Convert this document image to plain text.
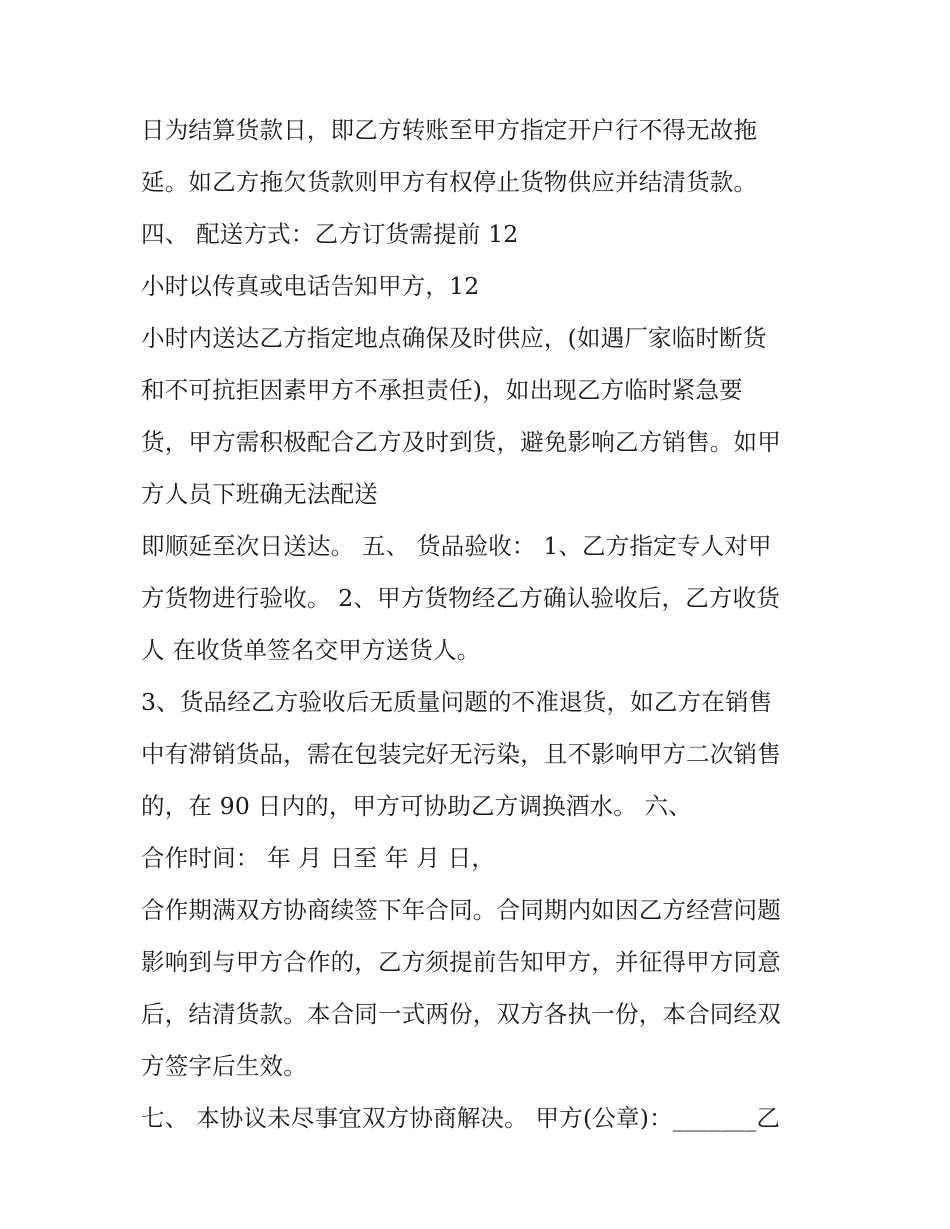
日为结算货款日，即乙方转账至甲方指定开户行不得无故拖
延。如乙方拖欠货款则甲方有权停止货物供应并结清货款。
四、 配送方式：乙方订货需提前 12
小时以传真或电话告知甲方，12
小时内送达乙方指定地点确保及时供应，(如遇厂家临时断货
和不可抗拒因素甲方不承担责任)，如出现乙方临时紧急要
货，甲方需积极配合乙方及时到货，避免影响乙方销售。如甲
方人员下班确无法配送
即顺延至次日送达。 五、 货品验收： 1、乙方指定专人对甲
方货物进行验收。 2、甲方货物经乙方确认验收后，乙方收货
人 在收货单签名交甲方送货人。
3、货品经乙方验收后无质量问题的不准退货，如乙方在销售
中有滞销货品，需在包装完好无污染，且不影响甲方二次销售
的，在 90 日内的，甲方可协助乙方调换酒水。 六、
合作时间： 年 月 日至 年 月 日，
合作期满双方协商续签下年合同。合同期内如因乙方经营问题
影响到与甲方合作的，乙方须提前告知甲方，并征得甲方同意
后，结清货款。本合同一式两份，双方各执一份，本合同经双
方签字后生效。
七、 本协议未尽事宜双方协商解决。 甲方(公章)：_______乙
